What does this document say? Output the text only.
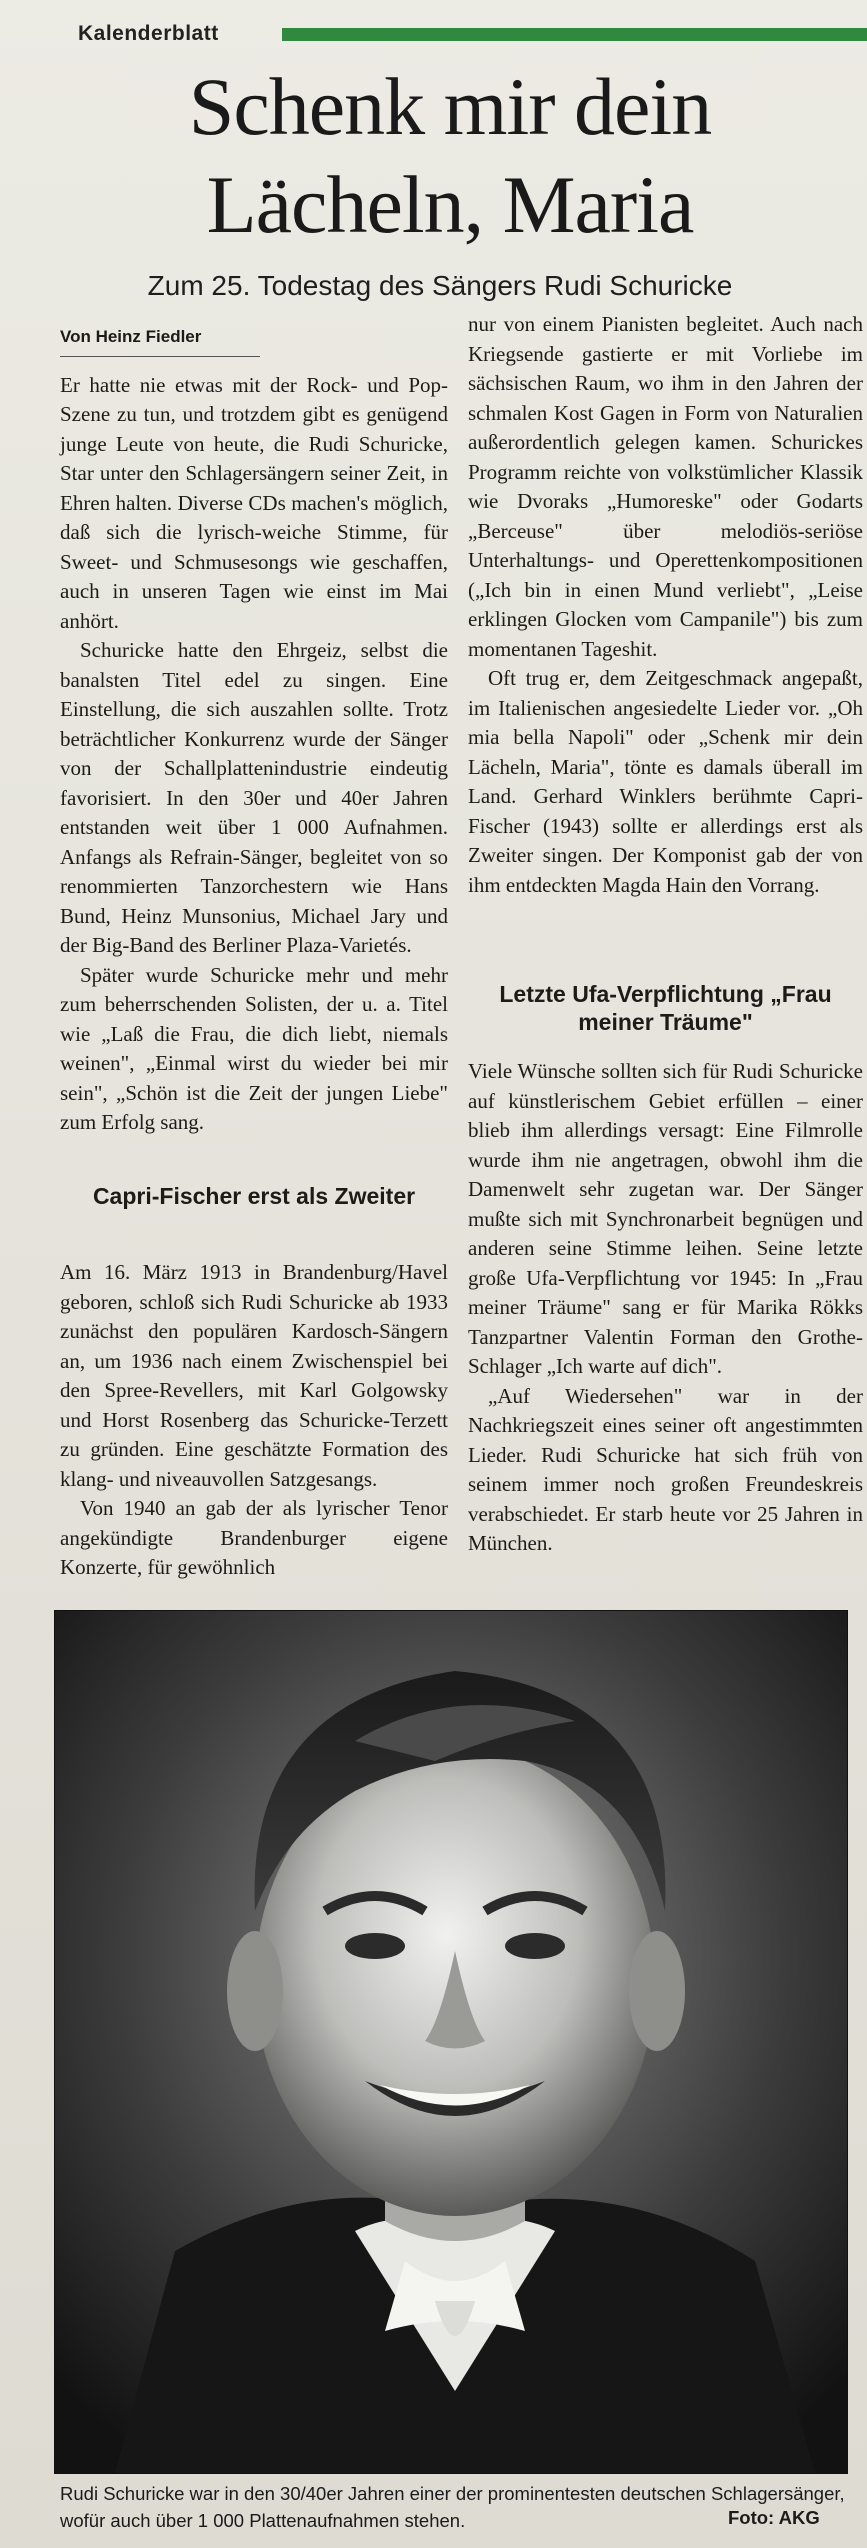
Kalenderblatt
Schenk mir dein Lächeln, Maria
Zum 25. Todestag des Sängers Rudi Schuricke
Von Heinz Fiedler

Er hatte nie etwas mit der Rock- und Pop-Szene zu tun, und trotzdem gibt es genügend junge Leute von heute, die Rudi Schuricke, Star unter den Schlagersängern seiner Zeit, in Ehren halten. Diverse CDs machen's möglich, daß sich die lyrisch-weiche Stimme, für Sweet- und Schmusesongs wie geschaffen, auch in unseren Tagen wie einst im Mai anhört.

Schuricke hatte den Ehrgeiz, selbst die banalsten Titel edel zu singen. Eine Einstellung, die sich auszahlen sollte. Trotz beträchtlicher Konkurrenz wurde der Sänger von der Schallplattenindustrie eindeutig favorisiert. In den 30er und 40er Jahren entstanden weit über 1 000 Aufnahmen. Anfangs als Refrain-Sänger, begleitet von so renommierten Tanzorchestern wie Hans Bund, Heinz Munsonius, Michael Jary und der Big-Band des Berliner Plaza-Varietés.

Später wurde Schuricke mehr und mehr zum beherrschenden Solisten, der u. a. Titel wie „Laß die Frau, die dich liebt, niemals weinen", „Einmal wirst du wieder bei mir sein", „Schön ist die Zeit der jungen Liebe" zum Erfolg sang.

Capri-Fischer erst als Zweiter

Am 16. März 1913 in Brandenburg/Havel geboren, schloß sich Rudi Schuricke ab 1933 zunächst den populären Kardosch-Sängern an, um 1936 nach einem Zwischenspiel bei den Spree-Revellers, mit Karl Golgowsky und Horst Rosenberg das Schuricke-Terzett zu gründen. Eine geschätzte Formation des klang- und niveauvollen Satzgesangs.

Von 1940 an gab der als lyrischer Tenor angekündigte Brandenburger eigene Konzerte, für gewöhnlich

nur von einem Pianisten begleitet. Auch nach Kriegsende gastierte er mit Vorliebe im sächsischen Raum, wo ihm in den Jahren der schmalen Kost Gagen in Form von Naturalien außerordentlich gelegen kamen. Schurickes Programm reichte von volkstümlicher Klassik wie Dvoraks „Humoreske" oder Godarts „Berceuse" über melodiös-seriöse Unterhaltungs- und Operettenkompositionen („Ich bin in einen Mund verliebt", „Leise erklingen Glocken vom Campanile") bis zum momentanen Tageshit.

Oft trug er, dem Zeitgeschmack angepaßt, im Italienischen angesiedelte Lieder vor. „Oh mia bella Napoli" oder „Schenk mir dein Lächeln, Maria", tönte es damals überall im Land. Gerhard Winklers berühmte Capri-Fischer (1943) sollte er allerdings erst als Zweiter singen. Der Komponist gab der von ihm entdeckten Magda Hain den Vorrang.

Letzte Ufa-Verpflichtung „Frau meiner Träume"

Viele Wünsche sollten sich für Rudi Schuricke auf künstlerischem Gebiet erfüllen – einer blieb ihm allerdings versagt: Eine Filmrolle wurde ihm nie angetragen, obwohl ihm die Damenwelt sehr zugetan war. Der Sänger mußte sich mit Synchronarbeit begnügen und anderen seine Stimme leihen. Seine letzte große Ufa-Verpflichtung vor 1945: In „Frau meiner Träume" sang er für Marika Rökks Tanzpartner Valentin Forman den Grothe-Schlager „Ich warte auf dich".

„Auf Wiedersehen" war in der Nachkriegszeit eines seiner oft angestimmten Lieder. Rudi Schuricke hat sich früh von seinem immer noch großen Freundeskreis verabschiedet. Er starb heute vor 25 Jahren in München.

Rudi Schuricke war in den 30/40er Jahren einer der prominentesten deutschen Schlagersänger, wofür auch über 1 000 Plattenaufnahmen stehen.	Foto: AKG
